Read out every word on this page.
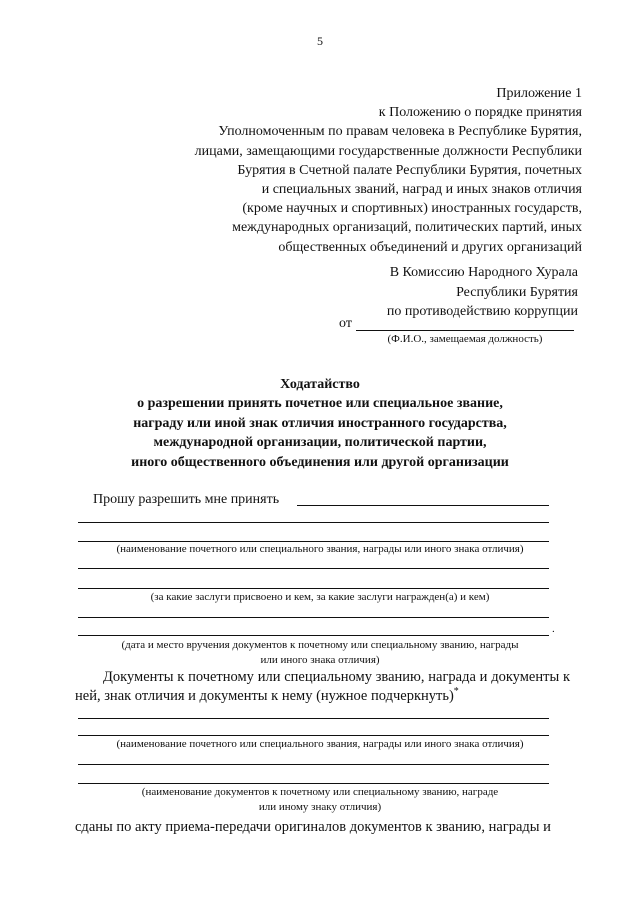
5
Приложение 1
к Положению о порядке принятия
Уполномоченным по правам человека в Республике Бурятия,
лицами, замещающими государственные должности Республики
Бурятия в Счетной палате Республики Бурятия, почетных
и специальных званий, наград и иных знаков отличия
(кроме научных и спортивных) иностранных государств,
международных организаций, политических партий, иных
общественных объединений и других организаций
В Комиссию Народного Хурала
Республики Бурятия
по противодействию коррупции
от
(Ф.И.О., замещаемая должность)
Ходатайство
о разрешении принять почетное или специальное звание,
награду или иной знак отличия иностранного государства,
международной организации, политической партии,
иного общественного объединения или другой организации
Прошу разрешить мне принять
(наименование почетного или специального звания, награды или иного знака отличия)
(за какие заслуги присвоено и кем, за какие заслуги награжден(а) и кем)
.
(дата и место вручения документов к почетному или специальному званию, награды
или иного знака отличия)
Документы к почетному или специальному званию, награда и документы к ней, знак отличия и документы к нему (нужное подчеркнуть)*
(наименование почетного или специального звания, награды или иного знака отличия)
(наименование документов к почетному или специальному званию, награде
или иному знаку отличия)
сданы по акту приема-передачи оригиналов документов к званию, награды и
